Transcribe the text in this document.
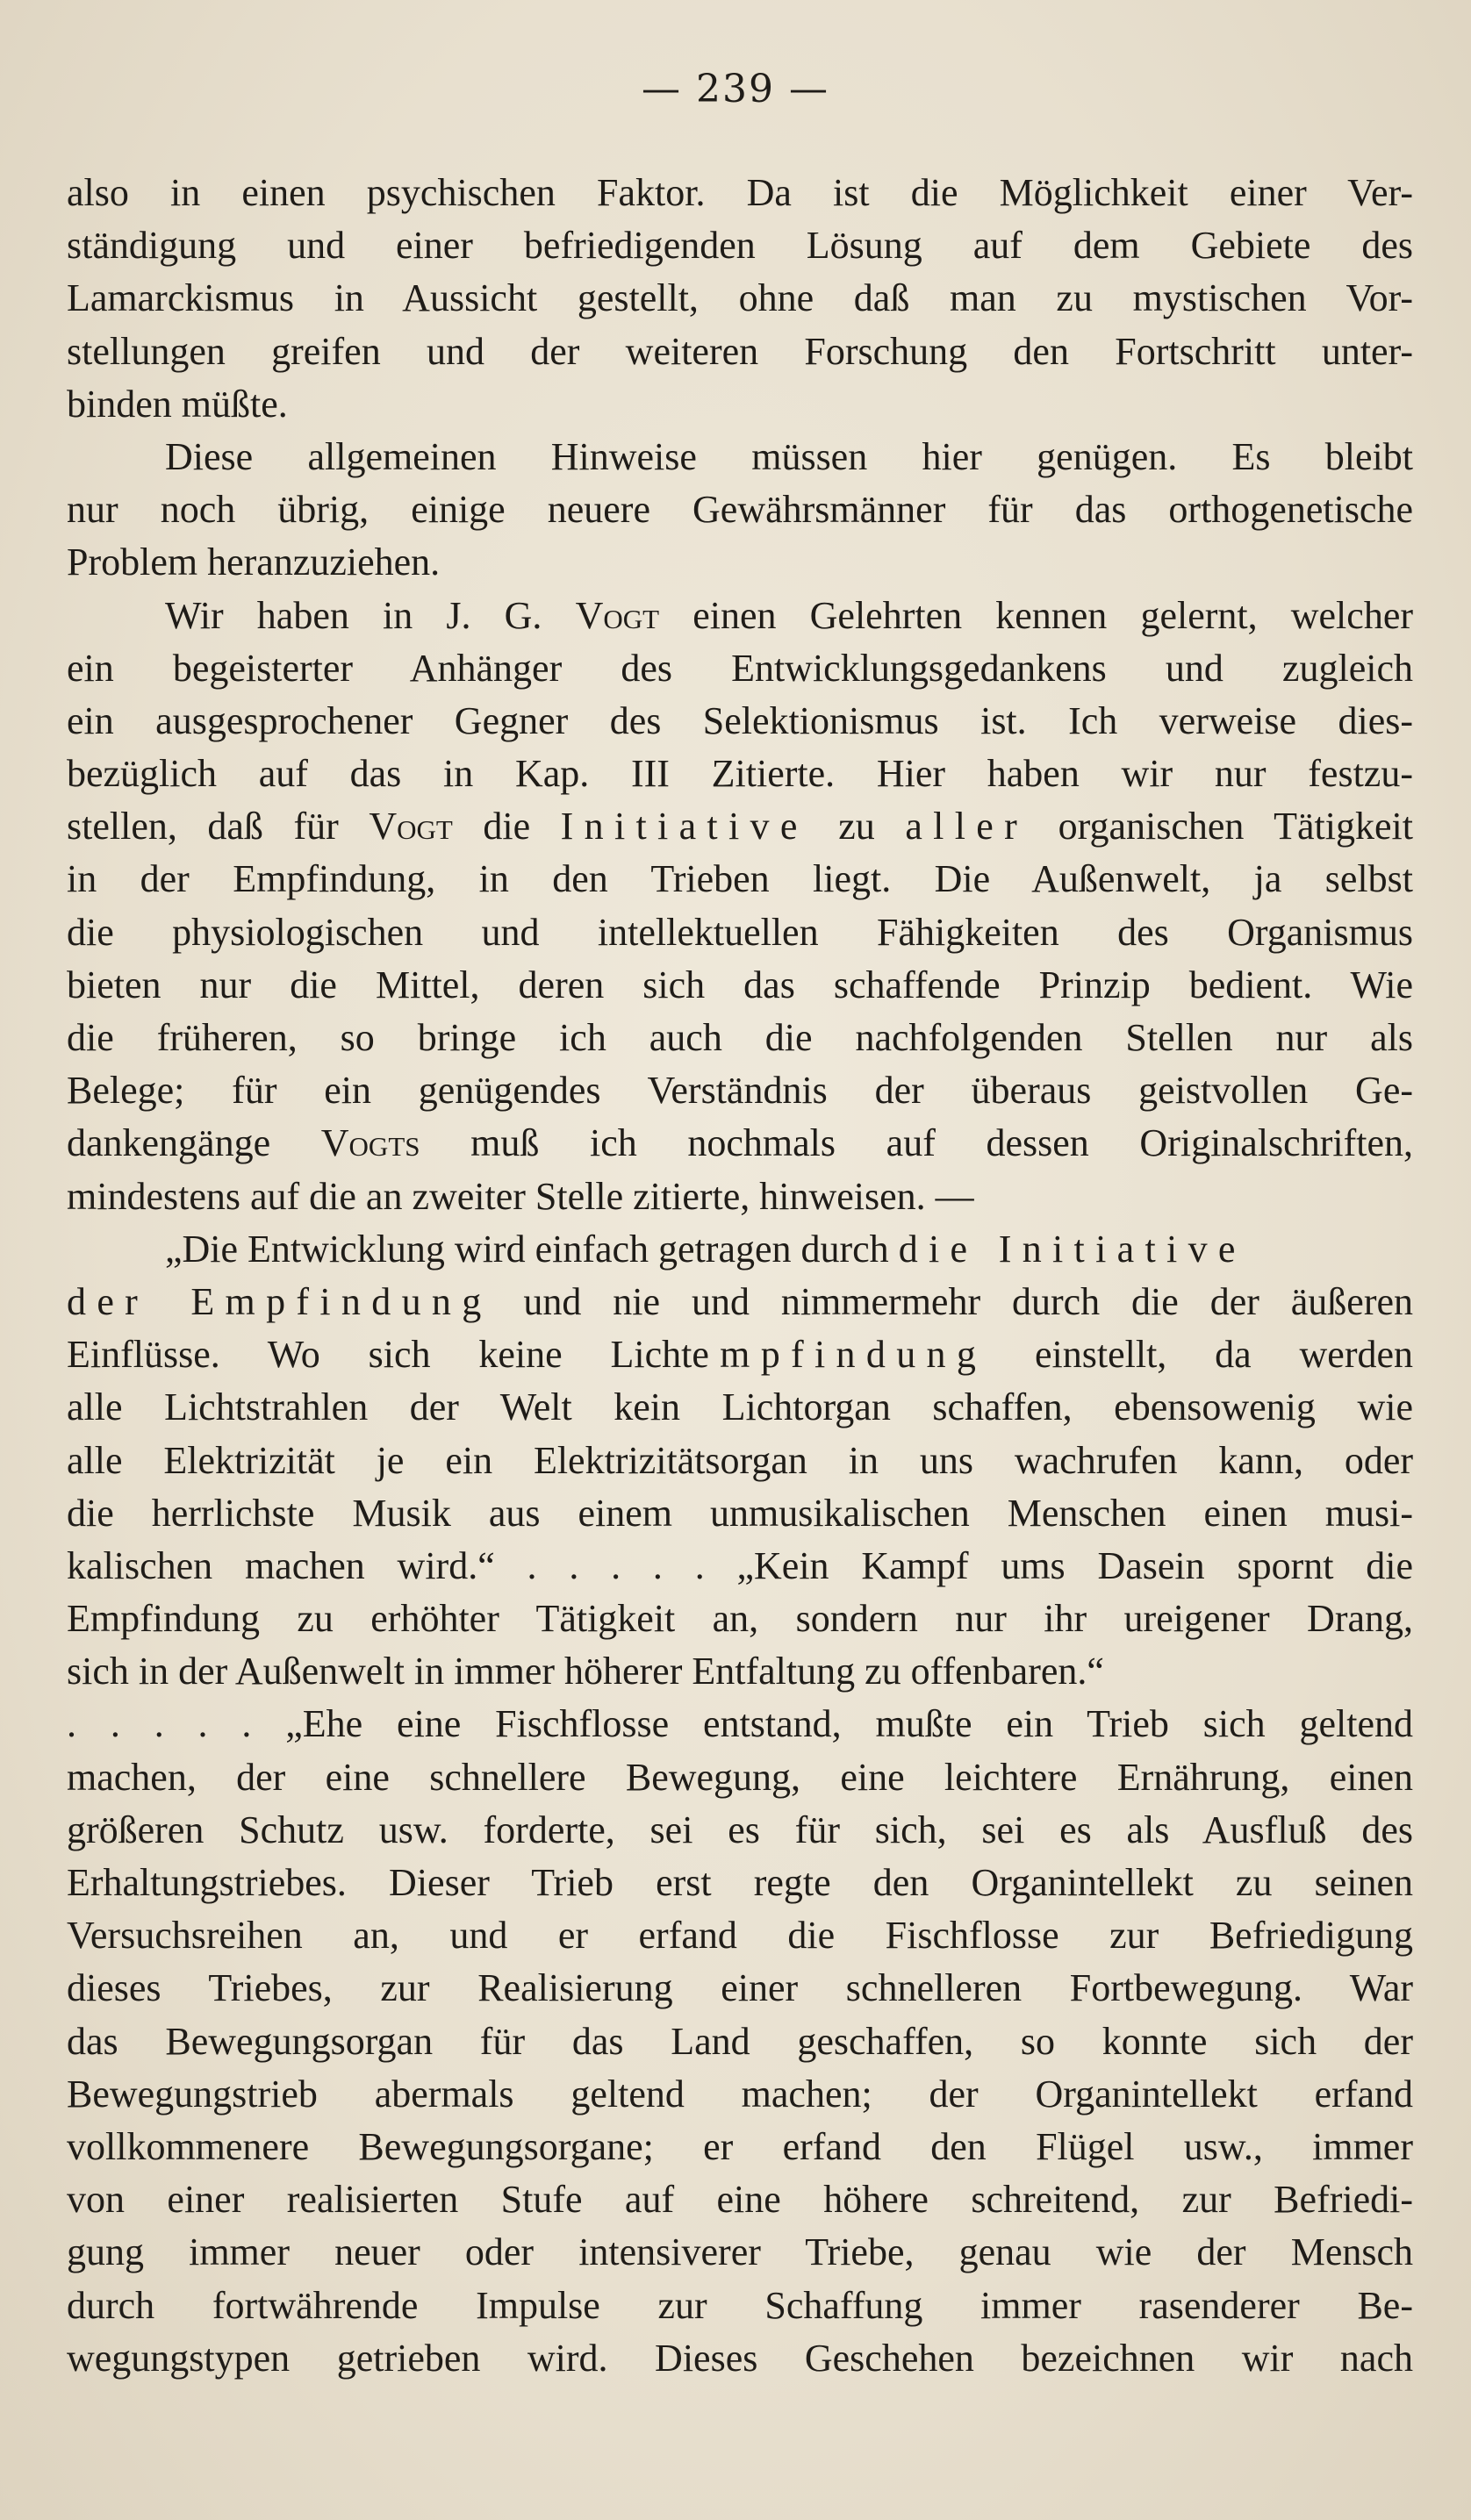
— 239 —
also in einen psychischen Faktor. Da ist die Möglichkeit einer Ver-
ständigung und einer befriedigenden Lösung auf dem Gebiete des
Lamarckismus in Aussicht gestellt, ohne daß man zu mystischen Vor-
stellungen greifen und der weiteren Forschung den Fortschritt unter-
binden müßte.
Diese allgemeinen Hinweise müssen hier genügen. Es bleibt
nur noch übrig, einige neuere Gewährsmänner für das orthogenetische
Problem heranzuziehen.
Wir haben in J. G. Vogt einen Gelehrten kennen gelernt, welcher
ein begeisterter Anhänger des Entwicklungsgedankens und zugleich
ein ausgesprochener Gegner des Selektionismus ist. Ich verweise dies-
bezüglich auf das in Kap. III Zitierte. Hier haben wir nur festzu-
stellen, daß für Vogt die Initiative zu aller organischen Tätigkeit
in der Empfindung, in den Trieben liegt. Die Außenwelt, ja selbst
die physiologischen und intellektuellen Fähigkeiten des Organismus
bieten nur die Mittel, deren sich das schaffende Prinzip bedient. Wie
die früheren, so bringe ich auch die nachfolgenden Stellen nur als
Belege; für ein genügendes Verständnis der überaus geistvollen Ge-
dankengänge Vogts muß ich nochmals auf dessen Originalschriften,
mindestens auf die an zweiter Stelle zitierte, hinweisen. —
„Die Entwicklung wird einfach getragen durch die Initiative
der Empfindung und nie und nimmermehr durch die der äußeren
Einflüsse. Wo sich keine Lichtempfindung einstellt, da werden
alle Lichtstrahlen der Welt kein Lichtorgan schaffen, ebensowenig wie
alle Elektrizität je ein Elektrizitätsorgan in uns wachrufen kann, oder
die herrlichste Musik aus einem unmusikalischen Menschen einen musi-
kalischen machen wird.“ . . . . . „Kein Kampf ums Dasein spornt die
Empfindung zu erhöhter Tätigkeit an, sondern nur ihr ureigener Drang,
sich in der Außenwelt in immer höherer Entfaltung zu offenbaren.“
. . . . . „Ehe eine Fischflosse entstand, mußte ein Trieb sich geltend
machen, der eine schnellere Bewegung, eine leichtere Ernährung, einen
größeren Schutz usw. forderte, sei es für sich, sei es als Ausfluß des
Erhaltungstriebes. Dieser Trieb erst regte den Organintellekt zu seinen
Versuchsreihen an, und er erfand die Fischflosse zur Befriedigung
dieses Triebes, zur Realisierung einer schnelleren Fortbewegung. War
das Bewegungsorgan für das Land geschaffen, so konnte sich der
Bewegungstrieb abermals geltend machen; der Organintellekt erfand
vollkommenere Bewegungsorgane; er erfand den Flügel usw., immer
von einer realisierten Stufe auf eine höhere schreitend, zur Befriedi-
gung immer neuer oder intensiverer Triebe, genau wie der Mensch
durch fortwährende Impulse zur Schaffung immer rasenderer Be-
wegungstypen getrieben wird. Dieses Geschehen bezeichnen wir nach
